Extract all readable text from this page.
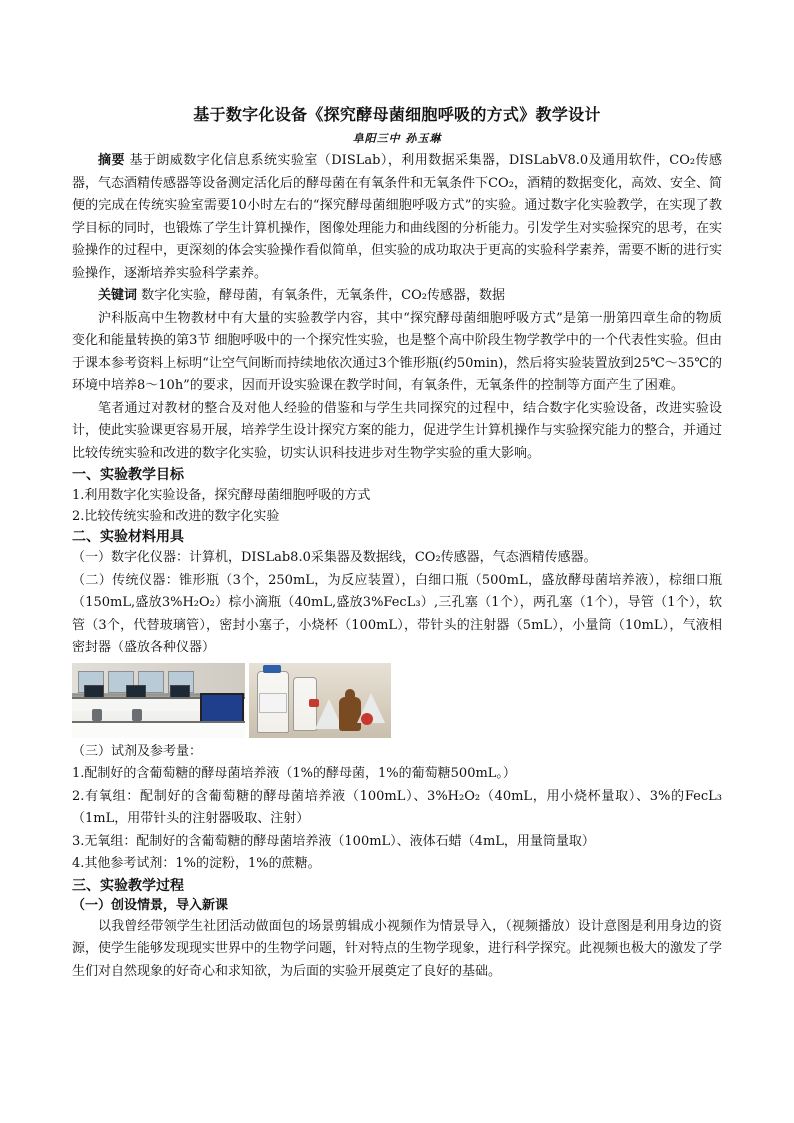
基于数字化设备《探究酵母菌细胞呼吸的方式》教学设计
阜阳三中 孙玉琳

摘要 基于朗威数字化信息系统实验室（DISLab），利用数据采集器，DISLabV8.0及通用软件，CO₂传感器，气态酒精传感器等设备测定活化后的酵母菌在有氧条件和无氧条件下CO₂，酒精的数据变化，高效、安全、简便的完成在传统实验室需要10小时左右的“探究酵母菌细胞呼吸方式”的实验。通过数字化实验教学，在实现了教学目标的同时，也锻炼了学生计算机操作，图像处理能力和曲线图的分析能力。引发学生对实验探究的思考，在实验操作的过程中，更深刻的体会实验操作看似简单，但实验的成功取决于更高的实验科学素养，需要不断的进行实验操作，逐渐培养实验科学素养。

关键词 数字化实验，酵母菌，有氧条件，无氧条件，CO₂传感器，数据

沪科版高中生物教材中有大量的实验教学内容，其中“探究酵母菌细胞呼吸方式”是第一册第四章生命的物质变化和能量转换的第3节 细胞呼吸中的一个探究性实验，也是整个高中阶段生物学教学中的一个代表性实验。但由于课本参考资料上标明“让空气间断而持续地依次通过3个锥形瓶(约50min)，然后将实验装置放到25℃～35℃的环境中培养8～10h”的要求，因而开设实验课在教学时间，有氧条件，无氧条件的控制等方面产生了困难。

笔者通过对教材的整合及对他人经验的借鉴和与学生共同探究的过程中，结合数字化实验设备，改进实验设计，使此实验课更容易开展，培养学生设计探究方案的能力，促进学生计算机操作与实验探究能力的整合，并通过比较传统实验和改进的数字化实验，切实认识科技进步对生物学实验的重大影响。

一、实验教学目标
1.利用数字化实验设备，探究酵母菌细胞呼吸的方式
2.比较传统实验和改进的数字化实验
二、实验材料用具

（一）数字化仪器：计算机，DISLab8.0采集器及数据线，CO₂传感器，气态酒精传感器。

（二）传统仪器：锥形瓶（3个，250mL，为反应装置），白细口瓶（500mL，盛放酵母菌培养液），棕细口瓶（150mL,盛放3%H₂O₂）棕小滴瓶（40mL,盛放3%FecL₃）,三孔塞（1个），两孔塞（1个），导管（1个），软管（3个，代替玻璃管），密封小塞子，小烧杯（100mL），带针头的注射器（5mL），小量筒（10mL），气液相密封器（盛放各种仪器）

（三）试剂及参考量：

1.配制好的含葡萄糖的酵母菌培养液（1%的酵母菌，1%的葡萄糖500mL。）

2.有氧组：配制好的含葡萄糖的酵母菌培养液（100mL）、3%H₂O₂（40mL，用小烧杯量取）、3%的FecL₃（1mL，用带针头的注射器吸取、注射）

3.无氧组：配制好的含葡萄糖的酵母菌培养液（100mL）、液体石蜡（4mL，用量筒量取）

4.其他参考试剂：1%的淀粉，1%的蔗糖。

三、实验教学过程
（一）创设情景，导入新课

以我曾经带领学生社团活动做面包的场景剪辑成小视频作为情景导入，（视频播放）设计意图是利用身边的资源，使学生能够发现现实世界中的生物学问题，针对特点的生物学现象，进行科学探究。此视频也极大的激发了学生们对自然现象的好奇心和求知欲，为后面的实验开展奠定了良好的基础。
